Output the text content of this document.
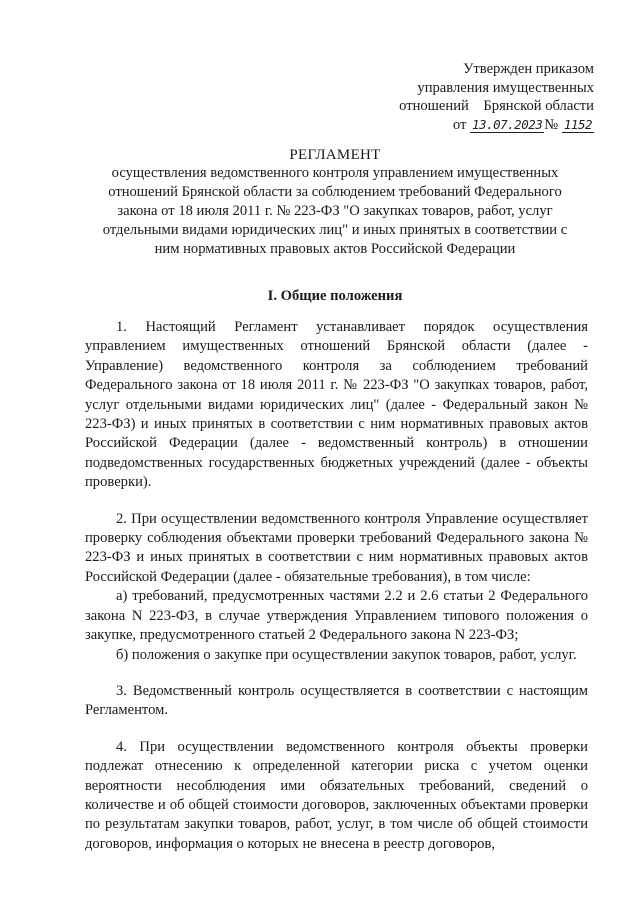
Утвержден приказом
управления имущественных
отношений    Брянской области
от 13.07.2023 № 1152
РЕГЛАМЕНТ
осуществления ведомственного контроля управлением имущественных отношений Брянской области за соблюдением требований Федерального закона от 18 июля 2011 г. № 223-ФЗ "О закупках товаров, работ, услуг отдельными видами юридических лиц" и иных принятых в соответствии с ним нормативных правовых актов Российской Федерации
I. Общие положения

1. Настоящий Регламент устанавливает порядок осуществления управлением имущественных отношений Брянской области (далее - Управление) ведомственного контроля за соблюдением требований Федерального закона от 18 июля 2011 г. № 223-ФЗ "О закупках товаров, работ, услуг отдельными видами юридических лиц" (далее - Федеральный закон № 223-ФЗ) и иных принятых в соответствии с ним нормативных правовых актов Российской Федерации (далее - ведомственный контроль) в отношении подведомственных государственных бюджетных учреждений (далее - объекты проверки).

2. При осуществлении ведомственного контроля Управление осуществляет проверку соблюдения объектами проверки требований Федерального закона № 223-ФЗ и иных принятых в соответствии с ним нормативных правовых актов Российской Федерации (далее - обязательные требования), в том числе:

а) требований, предусмотренных частями 2.2 и 2.6 статьи 2 Федерального закона N 223-ФЗ, в случае утверждения Управлением типового положения о закупке, предусмотренного статьей 2 Федерального закона N 223-ФЗ;

б) положения о закупке при осуществлении закупок товаров, работ, услуг.

3. Ведомственный контроль осуществляется в соответствии с настоящим Регламентом.

4. При осуществлении ведомственного контроля объекты проверки подлежат отнесению к определенной категории риска с учетом оценки вероятности несоблюдения ими обязательных требований, сведений о количестве и об общей стоимости договоров, заключенных объектами проверки по результатам закупки товаров, работ, услуг, в том числе об общей стоимости договоров, информация о которых не внесена в реестр договоров,
